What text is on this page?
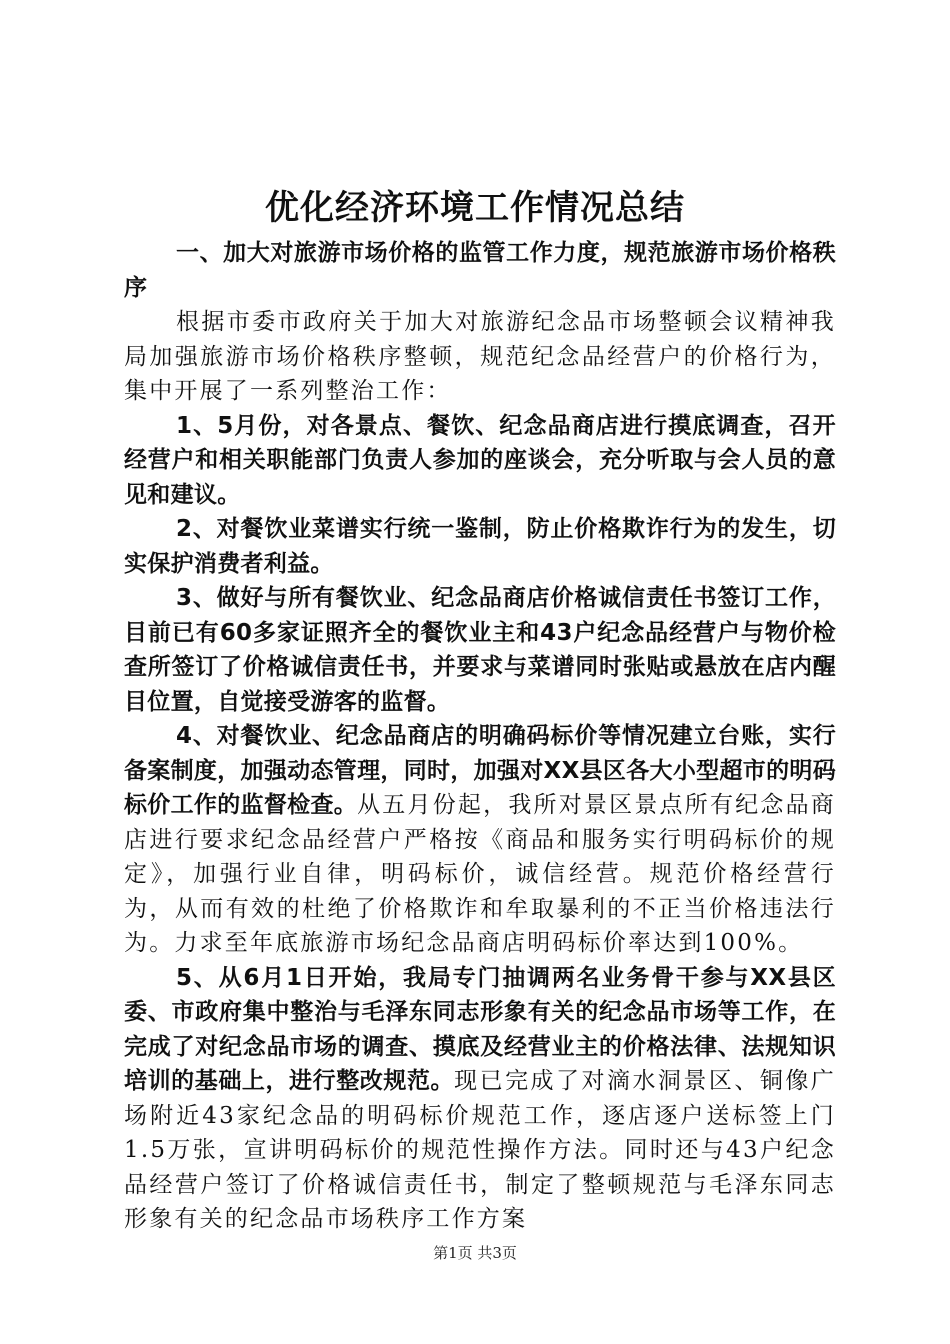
优化经济环境工作情况总结

一、加大对旅游市场价格的监管工作力度，规范旅游市场价格秩序

根据市委市政府关于加大对旅游纪念品市场整顿会议精神我局加强旅游市场价格秩序整顿，规范纪念品经营户的价格行为，集中开展了一系列整治工作：

1、5月份，对各景点、餐饮、纪念品商店进行摸底调查，召开经营户和相关职能部门负责人参加的座谈会，充分听取与会人员的意见和建议。

2、对餐饮业菜谱实行统一鉴制，防止价格欺诈行为的发生，切实保护消费者利益。

3、做好与所有餐饮业、纪念品商店价格诚信责任书签订工作，目前已有60多家证照齐全的餐饮业主和43户纪念品经营户与物价检查所签订了价格诚信责任书，并要求与菜谱同时张贴或悬放在店内醒目位置，自觉接受游客的监督。

4、对餐饮业、纪念品商店的明确码标价等情况建立台账，实行备案制度，加强动态管理，同时，加强对XX县区各大小型超市的明码标价工作的监督检查。从五月份起，我所对景区景点所有纪念品商店进行要求纪念品经营户严格按《商品和服务实行明码标价的规定》，加强行业自律，明码标价，诚信经营。规范价格经营行为，从而有效的杜绝了价格欺诈和牟取暴利的不正当价格违法行为。力求至年底旅游市场纪念品商店明码标价率达到100%。

5、从6月1日开始，我局专门抽调两名业务骨干参与XX县区委、市政府集中整治与毛泽东同志形象有关的纪念品市场等工作，在完成了对纪念品市场的调查、摸底及经营业主的价格法律、法规知识培训的基础上，进行整改规范。现已完成了对滴水洞景区、铜像广场附近43家纪念品的明码标价规范工作，逐店逐户送标签上门1.5万张，宣讲明码标价的规范性操作方法。同时还与43户纪念品经营户签订了价格诚信责任书，制定了整顿规范与毛泽东同志形象有关的纪念品市场秩序工作方案

第1页 共3页
